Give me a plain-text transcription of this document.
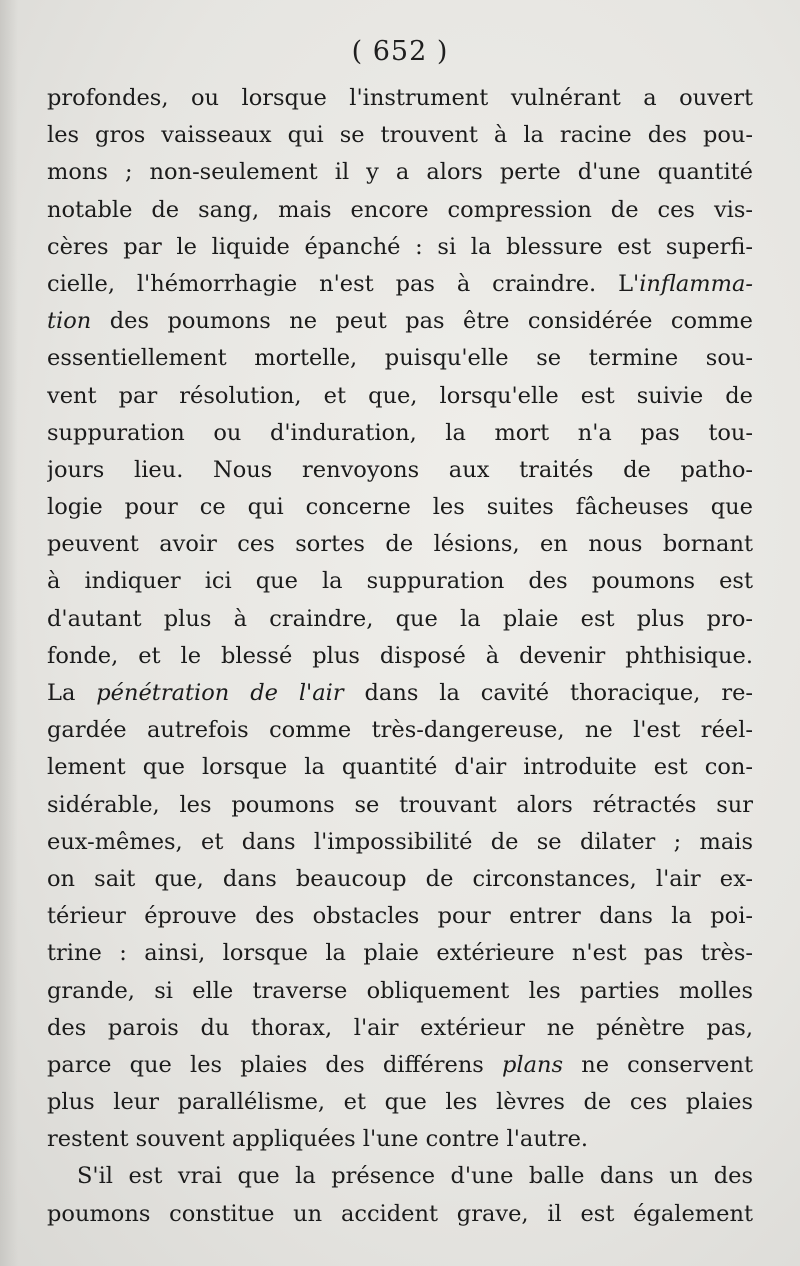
( 652 )
profondes, ou lorsque l'instrument vulnérant a ouvert
les gros vaisseaux qui se trouvent à la racine des pou-
mons ; non-seulement il y a alors perte d'une quantité
notable de sang, mais encore compression de ces vis-
cères par le liquide épanché : si la blessure est superfi-
cielle, l'hémorrhagie n'est pas à craindre. L'inflamma-
tion des poumons ne peut pas être considérée comme
essentiellement mortelle, puisqu'elle se termine sou-
vent par résolution, et que, lorsqu'elle est suivie de
suppuration ou d'induration, la mort n'a pas tou-
jours lieu. Nous renvoyons aux traités de patho-
logie pour ce qui concerne les suites fâcheuses que
peuvent avoir ces sortes de lésions, en nous bornant
à indiquer ici que la suppuration des poumons est
d'autant plus à craindre, que la plaie est plus pro-
fonde, et le blessé plus disposé à devenir phthisique.
La pénétration de l'air dans la cavité thoracique, re-
gardée autrefois comme très-dangereuse, ne l'est réel-
lement que lorsque la quantité d'air introduite est con-
sidérable, les poumons se trouvant alors rétractés sur
eux-mêmes, et dans l'impossibilité de se dilater ; mais
on sait que, dans beaucoup de circonstances, l'air ex-
térieur éprouve des obstacles pour entrer dans la poi-
trine : ainsi, lorsque la plaie extérieure n'est pas très-
grande, si elle traverse obliquement les parties molles
des parois du thorax, l'air extérieur ne pénètre pas,
parce que les plaies des différens plans ne conservent
plus leur parallélisme, et que les lèvres de ces plaies
restent souvent appliquées l'une contre l'autre.
S'il est vrai que la présence d'une balle dans un des
poumons constitue un accident grave, il est également
